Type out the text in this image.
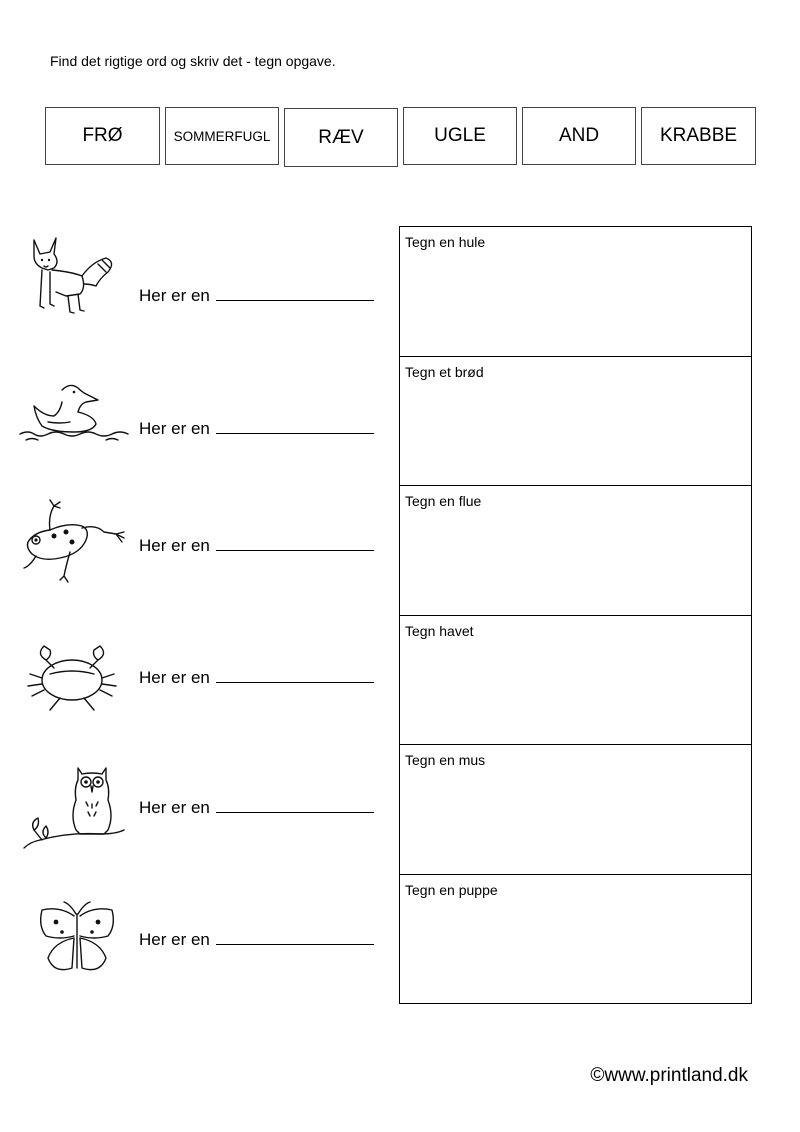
Find det rigtige ord og skriv det - tegn opgave.
FRØ	SOMMERFUGL	RÆV	UGLE	AND	KRABBE
Her er en
Her er en
Her er en
Her er en
Her er en
Her er en
Tegn en hule
Tegn et brød
Tegn en flue
Tegn havet
Tegn en mus
Tegn en puppe
©www.printland.dk
